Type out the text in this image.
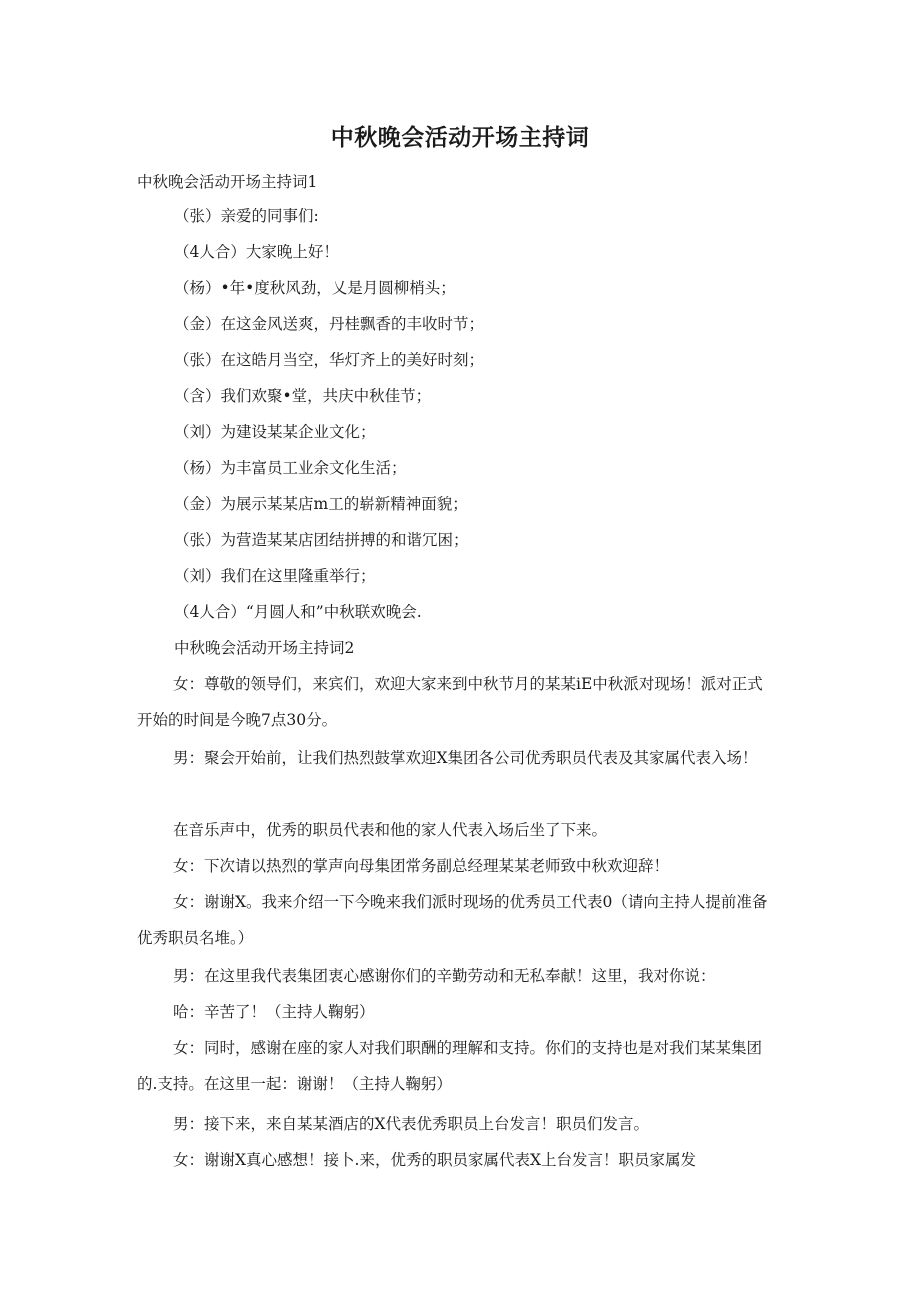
中秋晚会活动开场主持词

中秋晚会活动开场主持词1

（张）亲爱的同事们:

（4人合）大家晚上好！

（杨）•年•度秋风劲，乂是月圆柳梢头；

（金）在这金风送爽，丹桂飘香的丰收时节；

（张）在这皓月当空，华灯齐上的美好时刻；

（含）我们欢聚•堂，共庆中秋佳节；

（刘）为建设某某企业文化；

（杨）为丰富员工业余文化生活；

（金）为展示某某店m工的崭新精神面貌；

（张）为营造某某店团结拼搏的和谐冗困；

（刘）我们在这里隆重举行；

（4人合）“月圆人和”中秋联欢晚会.

中秋晚会活动开场主持词2

女：尊敬的领导们，来宾们，欢迎大家来到中秋节月的某某iE中秋派对现场！派对正式开始的时间是今晚7点30分。

男：聚会开始前，让我们热烈鼓掌欢迎X集团各公司优秀职员代表及其家属代表入场！

在音乐声中，优秀的职员代表和他的家人代表入场后坐了下来。

女：下次请以热烈的掌声向母集团常务副总经理某某老师致中秋欢迎辞！

女：谢谢X。我来介绍一下今晚来我们派时现场的优秀员工代表0（请向主持人提前准备优秀职员名堆。）

男：在这里我代表集团衷心感谢你们的辛勤劳动和无私奉献！这里，我对你说：

哈：辛苦了！（主持人鞠躬）

女：同时，感谢在座的家人对我们职酬的理解和支持。你们的支持也是对我们某某集团的.支持。在这里一起：谢谢！（主持人鞠躬）

男：接下来，来自某某酒店的X代表优秀职员上台发言！职员们发言。

女：谢谢X真心感想！接卜.来，优秀的职员家属代表X上台发言！职员家属发
